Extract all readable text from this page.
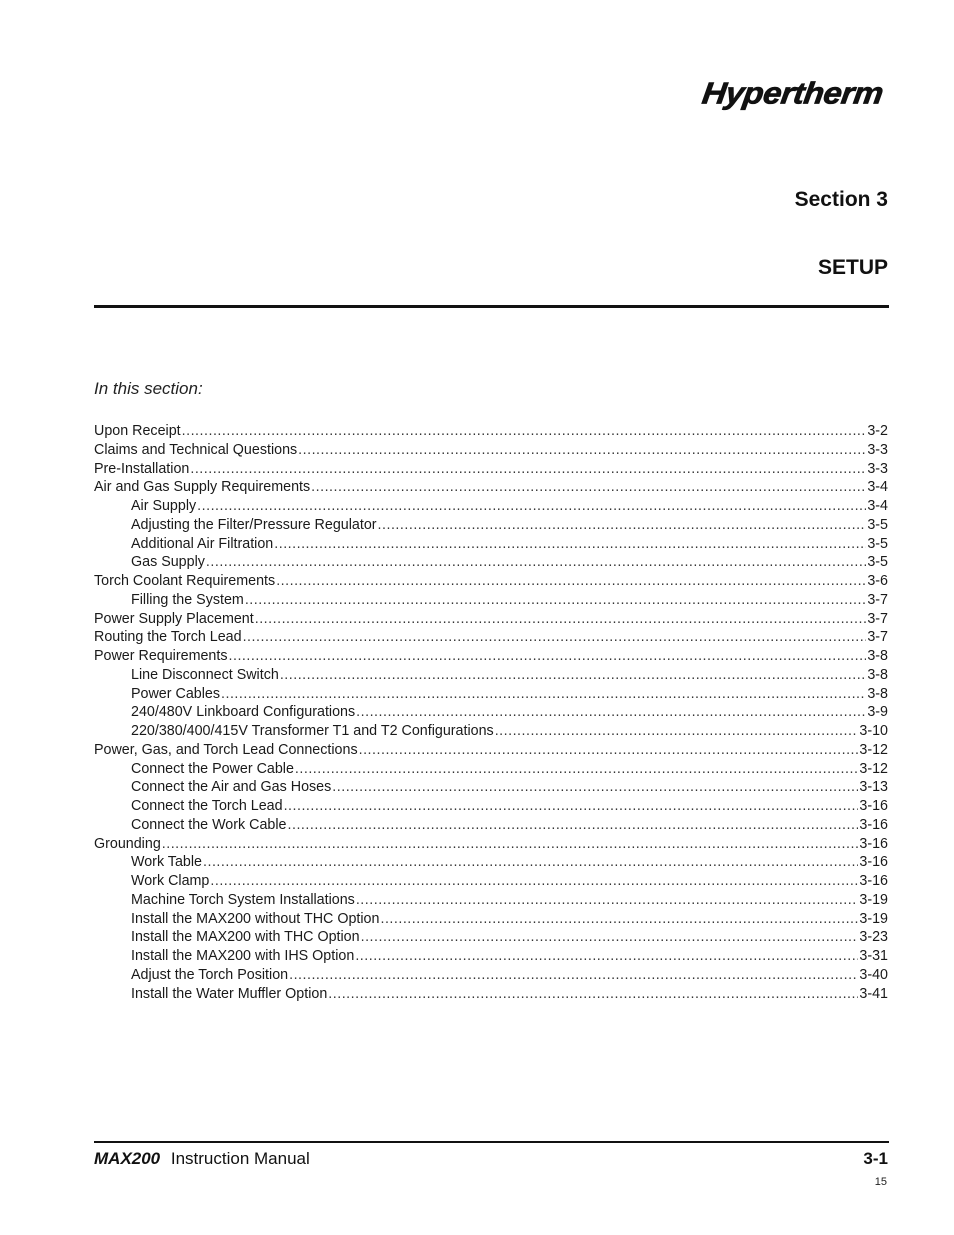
Hypertherm
Section 3
SETUP
In this section:
Upon Receipt .....	3-2
Claims and Technical Questions .....	3-3
Pre-Installation .....	3-3
Air and Gas Supply Requirements .....	3-4
Air Supply .....	3-4
Adjusting the Filter/Pressure Regulator .....	3-5
Additional Air Filtration .....	3-5
Gas Supply .....	3-5
Torch Coolant Requirements .....	3-6
Filling the System .....	3-7
Power Supply Placement .....	3-7
Routing the Torch Lead .....	3-7
Power Requirements .....	3-8
Line Disconnect Switch .....	3-8
Power Cables .....	3-8
240/480V Linkboard Configurations .....	3-9
220/380/400/415V Transformer T1 and T2 Configurations .....	3-10
Power, Gas, and Torch Lead Connections .....	3-12
Connect the Power Cable .....	3-12
Connect the Air and Gas Hoses .....	3-13
Connect the Torch Lead .....	3-16
Connect the Work Cable .....	3-16
Grounding .....	3-16
Work Table .....	3-16
Work Clamp .....	3-16
Machine Torch System Installations .....	3-19
Install the MAX200 without THC Option .....	3-19
Install the MAX200 with THC Option .....	3-23
Install the MAX200 with IHS Option .....	3-31
Adjust the Torch Position .....	3-40
Install the Water Muffler Option .....	3-41
MAX200 Instruction Manual	3-1
15
